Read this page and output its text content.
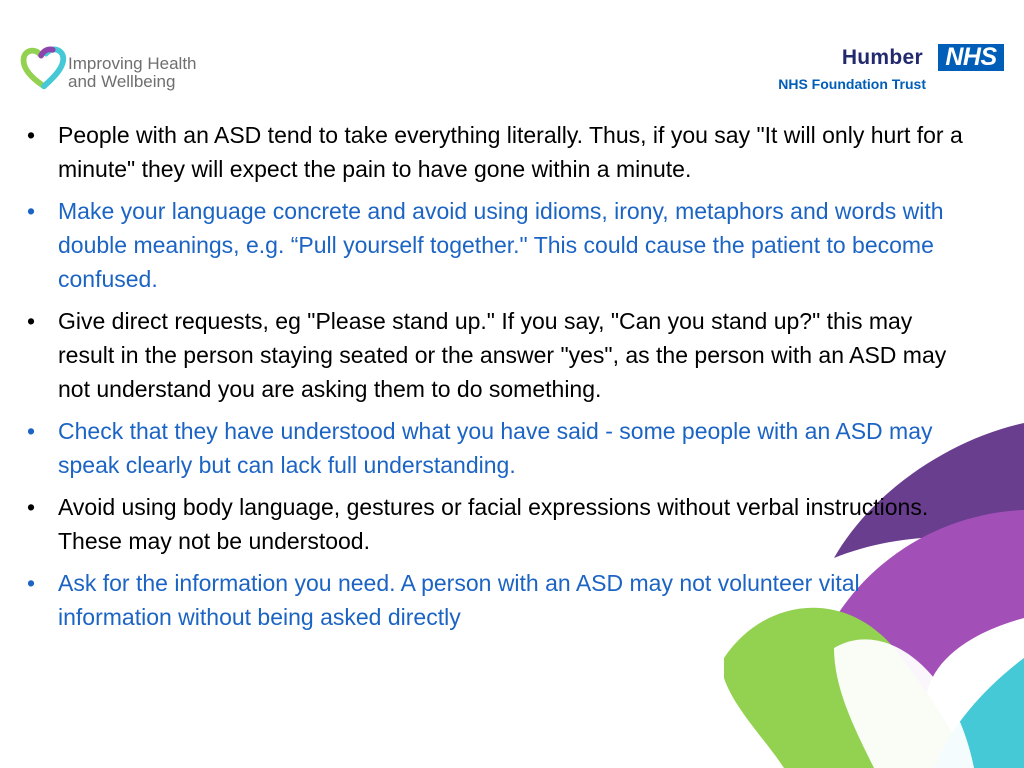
Improving Health
and Wellbeing
Humber NHS
NHS Foundation Trust
• People with an ASD tend to take everything literally. Thus, if you say "It will only hurt for a minute" they will expect the pain to have gone within a minute.
• Make your language concrete and avoid using idioms, irony, metaphors and words with double meanings, e.g. “Pull yourself together." This could cause the patient to become confused.
• Give direct requests, eg "Please stand up." If you say, "Can you stand up?" this may result in the person staying seated or the answer "yes", as the person with an ASD may not understand you are asking them to do something.
• Check that they have understood what you have said - some people with an ASD may speak clearly but can lack full understanding.
• Avoid using body language, gestures or facial expressions without verbal instructions. These may not be understood.
• Ask for the information you need. A person with an ASD may not volunteer vital information without being asked directly
